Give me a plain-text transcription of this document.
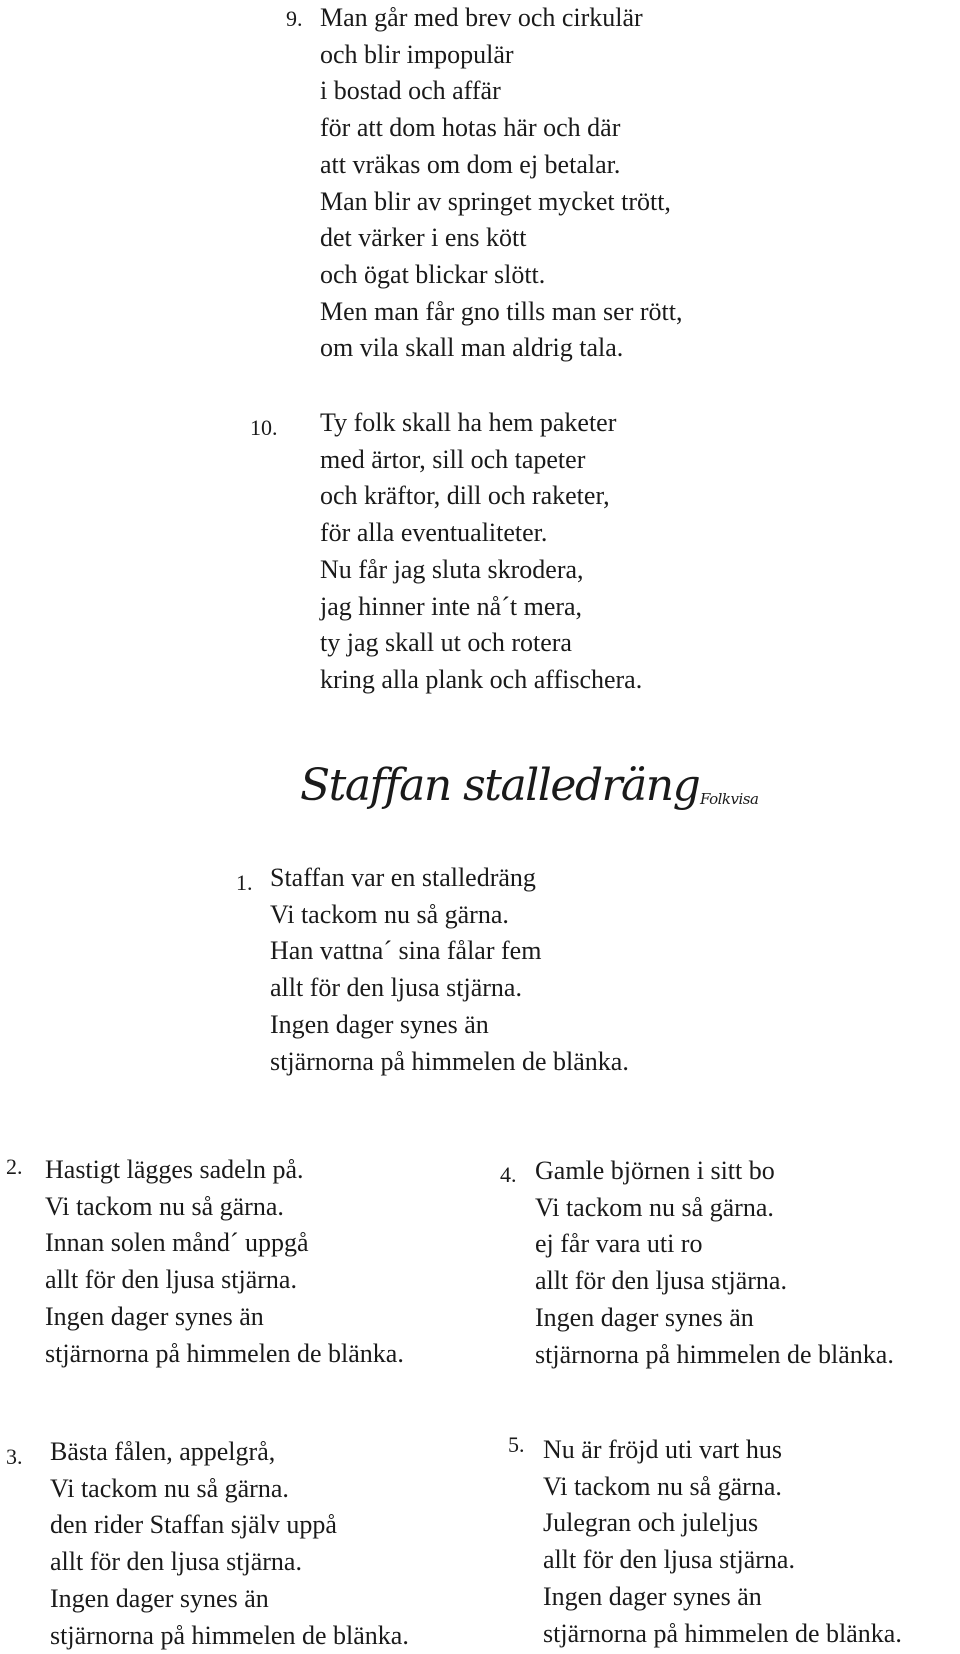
9. Man går med brev och cirkulär
och blir impopulär
i bostad och affär
för att dom hotas här och där
att vräkas om dom ej betalar.
Man blir av springet mycket trött,
det värker i ens kött
och ögat blickar slött.
Men man får gno tills man ser rött,
om vila skall man aldrig tala.
10. Ty folk skall ha hem paketer
med ärtor, sill och tapeter
och kräftor, dill och raketer,
för alla eventualiteter.
Nu får jag sluta skrodera,
jag hinner inte nå´t mera,
ty jag skall ut och rotera
kring alla plank och affischera.
Staffan stalledräng Folkvisa
1. Staffan var en stalledräng
Vi tackom nu så gärna.
Han vattna´ sina fålar fem
allt för den ljusa stjärna.
Ingen dager synes än
stjärnorna på himmelen de blänka.
2. Hastigt lägges sadeln på.
Vi tackom nu så gärna.
Innan solen månd´ uppgå
allt för den ljusa stjärna.
Ingen dager synes än
stjärnorna på himmelen de blänka.
3. Bästa fålen, appelgrå,
Vi tackom nu så gärna.
den rider Staffan själv uppå
allt för den ljusa stjärna.
Ingen dager synes än
stjärnorna på himmelen de blänka.
4. Gamle björnen i sitt bo
Vi tackom nu så gärna.
ej får vara uti ro
allt för den ljusa stjärna.
Ingen dager synes än
stjärnorna på himmelen de blänka.
5. Nu är fröjd uti vart hus
Vi tackom nu så gärna.
Julegran och juleljus
allt för den ljusa stjärna.
Ingen dager synes än
stjärnorna på himmelen de blänka.
